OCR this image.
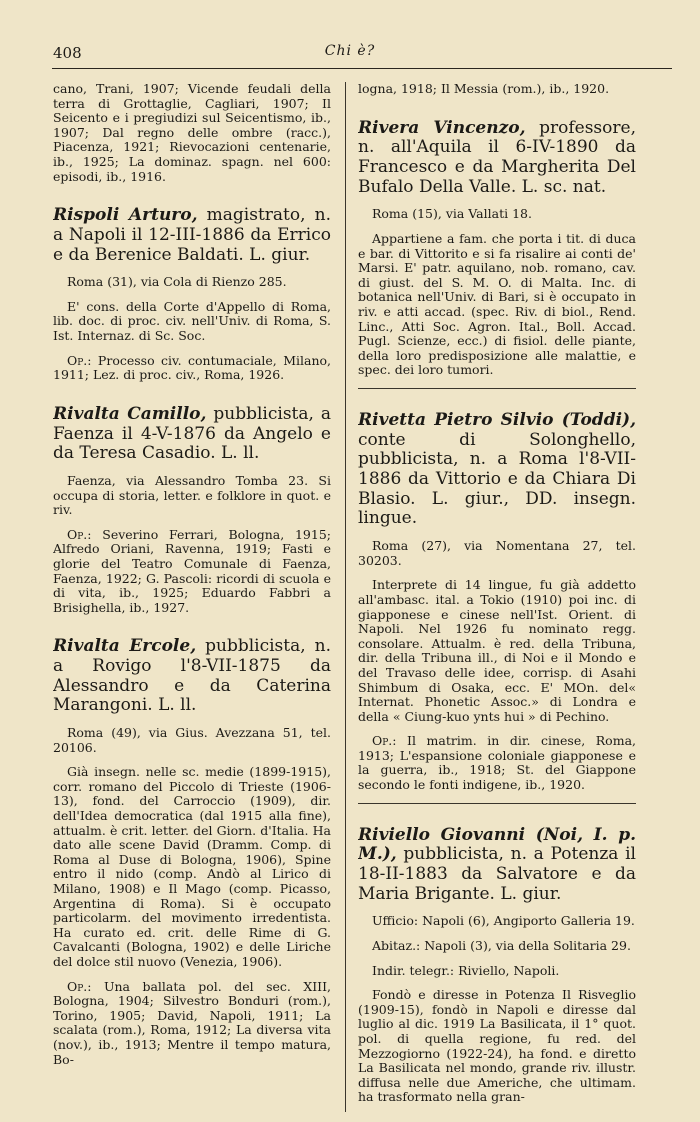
408	Chi è?

cano, Trani, 1907; Vicende feudali della terra di Grottaglie, Cagliari, 1907; Il Seicento e i pregiudizi sul Seicentismo, ib., 1907; Dal regno delle ombre (racc.), Piacenza, 1921; Rievocazioni centenarie, ib., 1925; La dominaz. spagn. nel 600: episodi, ib., 1916.

Rispoli Arturo, magistrato, n. a Napoli il 12-III-1886 da Errico e da Berenice Baldati. L. giur.

Roma (31), via Cola di Rienzo 285.

E' cons. della Corte d'Appello di Roma, lib. doc. di proc. civ. nell'Univ. di Roma, S. Ist. Internaz. di Sc. Soc.

Op.: Processo civ. contumaciale, Milano, 1911; Lez. di proc. civ., Roma, 1926.

Rivalta Camillo, pubblicista, a Faenza il 4-V-1876 da Angelo e da Teresa Casadio. L. ll.

Faenza, via Alessandro Tomba 23. Si occupa di storia, letter. e folklore in quot. e riv.

Op.: Severino Ferrari, Bologna, 1915; Alfredo Oriani, Ravenna, 1919; Fasti e glorie del Teatro Comunale di Faenza, Faenza, 1922; G. Pascoli: ricordi di scuola e di vita, ib., 1925; Eduardo Fabbri a Brisighella, ib., 1927.

Rivalta Ercole, pubblicista, n. a Rovigo l'8-VII-1875 da Alessandro e da Caterina Marangoni. L. ll.

Roma (49), via Gius. Avezzana 51, tel. 20106.

Già insegn. nelle sc. medie (1899-1915), corr. romano del Piccolo di Trieste (1906-13), fond. del Carroccio (1909), dir. dell'Idea democratica (dal 1915 alla fine), attualm. è crit. letter. del Giorn. d'Italia. Ha dato alle scene David (Dramm. Comp. di Roma al Duse di Bologna, 1906), Spine entro il nido (comp. Andò al Lirico di Milano, 1908) e Il Mago (comp. Picasso, Argentina di Roma). Si è occupato particolarm. del movimento irredentista. Ha curato ed. crit. delle Rime di G. Cavalcanti (Bologna, 1902) e delle Liriche del dolce stil nuovo (Venezia, 1906).

Op.: Una ballata pol. del sec. XIII, Bologna, 1904; Silvestro Bonduri (rom.), Torino, 1905; David, Napoli, 1911; La scalata (rom.), Roma, 1912; La diversa vita (nov.), ib., 1913; Mentre il tempo matura, Bo-

logna, 1918; Il Messia (rom.), ib., 1920.

Rivera Vincenzo, professore, n. all'Aquila il 6-IV-1890 da Francesco e da Margherita Del Bufalo Della Valle. L. sc. nat.

Roma (15), via Vallati 18.

Appartiene a fam. che porta i tit. di duca e bar. di Vittorito e si fa risalire ai conti de' Marsi. E' patr. aquilano, nob. romano, cav. di giust. del S. M. O. di Malta. Inc. di botanica nell'Univ. di Bari, si è occupato in riv. e atti accad. (spec. Riv. di biol., Rend. Linc., Atti Soc. Agron. Ital., Boll. Accad. Pugl. Scienze, ecc.) di fisiol. delle piante, della loro predisposizione alle malattie, e spec. dei loro tumori.

Rivetta Pietro Silvio (Toddi), conte di Solonghello, pubblicista, n. a Roma l'8-VII-1886 da Vittorio e da Chiara Di Blasio. L. giur., DD. insegn. lingue.

Roma (27), via Nomentana 27, tel. 30203.

Interprete di 14 lingue, fu già addetto all'ambasc. ital. a Tokio (1910) poi inc. di giapponese e cinese nell'Ist. Orient. di Napoli. Nel 1926 fu nominato regg. consolare. Attualm. è red. della Tribuna, dir. della Tribuna ill., di Noi e il Mondo e del Travaso delle idee, corrisp. di Asahi Shimbum di Osaka, ecc. E' MOn. del« Internat. Phonetic Assoc.» di Londra e della « Ciung-kuo ynts hui » di Pechino.

Op.: Il matrim. in dir. cinese, Roma, 1913; L'espansione coloniale giapponese e la guerra, ib., 1918; St. del Giappone secondo le fonti indigene, ib., 1920.

Riviello Giovanni (Noi, I. p. M.), pubblicista, n. a Potenza il 18-II-1883 da Salvatore e da Maria Brigante. L. giur.

Ufficio: Napoli (6), Angiporto Galleria 19.

Abitaz.: Napoli (3), via della Solitaria 29.

Indir. telegr.: Riviello, Napoli.

Fondò e diresse in Potenza Il Risveglio (1909-15), fondò in Napoli e diresse dal luglio al dic. 1919 La Basilicata, il 1° quot. pol. di quella regione, fu red. del Mezzogiorno (1922-24), ha fond. e diretto La Basilicata nel mondo, grande riv. illustr. diffusa nelle due Americhe, che ultimam. ha trasformato nella gran-
